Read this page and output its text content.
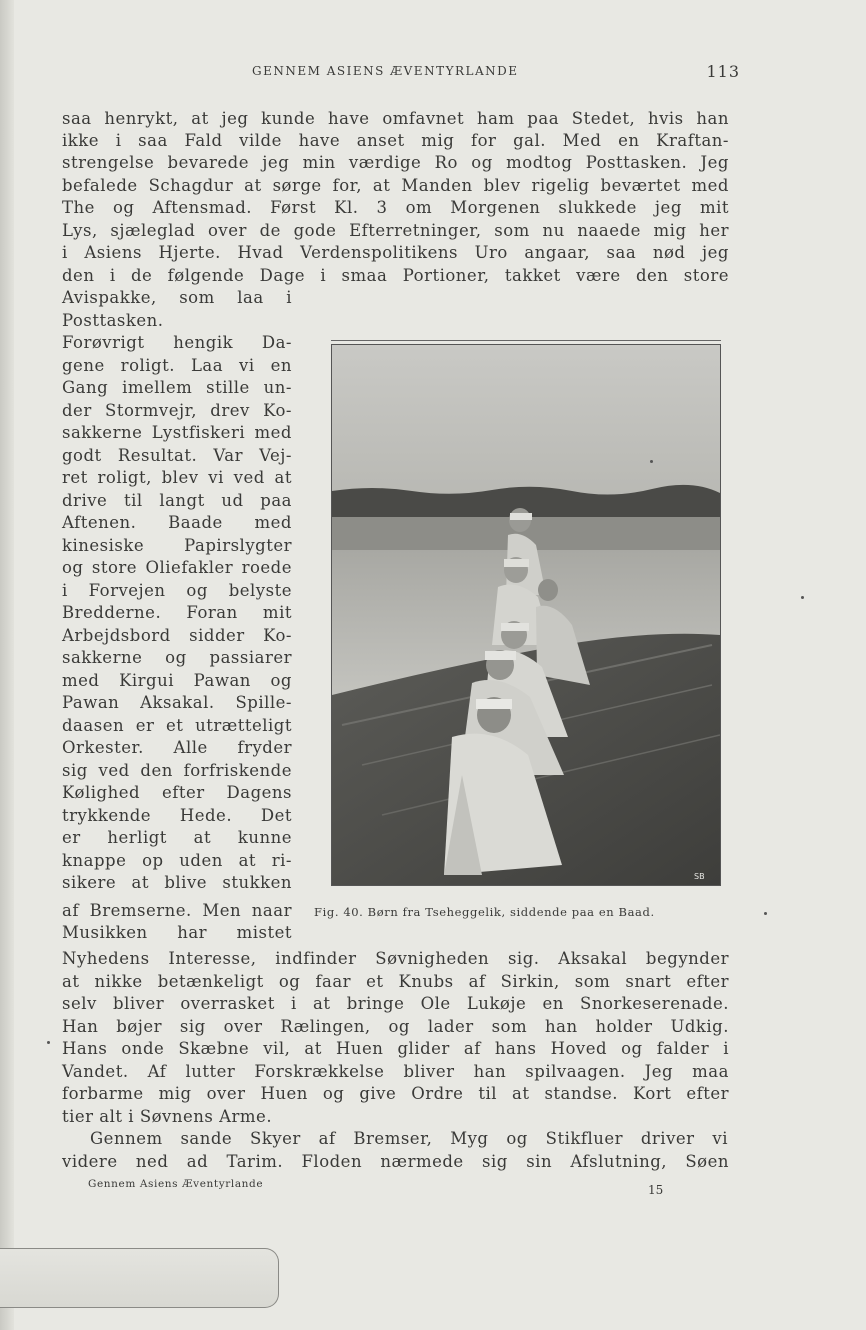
GENNEM ASIENS ÆVENTYRLANDE	113
saa henrykt, at jeg kunde have omfavnet ham paa Stedet, hvis han
ikke i saa Fald vilde have anset mig for gal. Med en Kraftan-
strengelse bevarede jeg min værdige Ro og modtog Posttasken. Jeg
befalede Schagdur at sørge for, at Manden blev rigelig beværtet med
The og Aftensmad. Først Kl. 3 om Morgenen slukkede jeg mit
Lys, sjæleglad over de gode Efterretninger, som nu naaede mig her
i Asiens Hjerte. Hvad Verdenspolitikens Uro angaar, saa nød jeg
den i de følgende Dage i smaa Portioner, takket være den store
Avispakke, som laa i
Posttasken.
Forøvrigt hengik Da-
gene roligt. Laa vi en
Gang imellem stille un-
der Stormvejr, drev Ko-
sakkerne Lystfiskeri med
godt Resultat. Var Vej-
ret roligt, blev vi ved at
drive til langt ud paa
Aftenen. Baade med
kinesiske Papirslygter
og store Oliefakler roede
i Forvejen og belyste
Bredderne. Foran mit
Arbejdsbord sidder Ko-
sakkerne og passiarer
med Kirgui Pawan og
Pawan Aksakal. Spille-
daasen er et utrætteligt
Orkester. Alle fryder
sig ved den forfriskende
Kølighed efter Dagens
trykkende Hede. Det
er herligt at kunne
knappe op uden at ri-
sikere at blive stukken
af Bremserne. Men naar
Musikken har mistet
SB
Fig. 40. Børn fra Tseheggelik, siddende paa en Baad.
Nyhedens Interesse, indfinder Søvnigheden sig. Aksakal begynder
at nikke betænkeligt og faar et Knubs af Sirkin, som snart efter
selv bliver overrasket i at bringe Ole Lukøje en Snorkeserenade.
Han bøjer sig over Rælingen, og lader som han holder Udkig.
Hans onde Skæbne vil, at Huen glider af hans Hoved og falder i
Vandet. Af lutter Forskrækkelse bliver han spilvaagen. Jeg maa
forbarme mig over Huen og give Ordre til at standse. Kort efter
tier alt i Søvnens Arme.
Gennem sande Skyer af Bremser, Myg og Stikfluer driver vi
videre ned ad Tarim. Floden nærmede sig sin Afslutning, Søen
Gennem Asiens Æventyrlande	15
